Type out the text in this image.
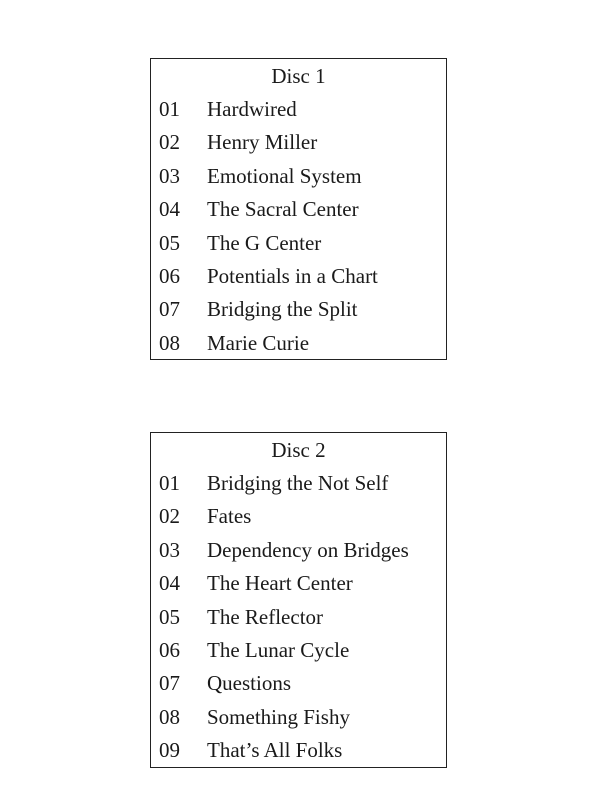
Disc 1
01	Hardwired
02	Henry Miller
03	Emotional System
04	The Sacral Center
05	The G Center
06	Potentials in a Chart
07	Bridging the Split
08	Marie Curie
Disc 2
01	Bridging the Not Self
02	Fates
03	Dependency on Bridges
04	The Heart Center
05	The Reflector
06	The Lunar Cycle
07	Questions
08	Something Fishy
09	That’s All Folks
